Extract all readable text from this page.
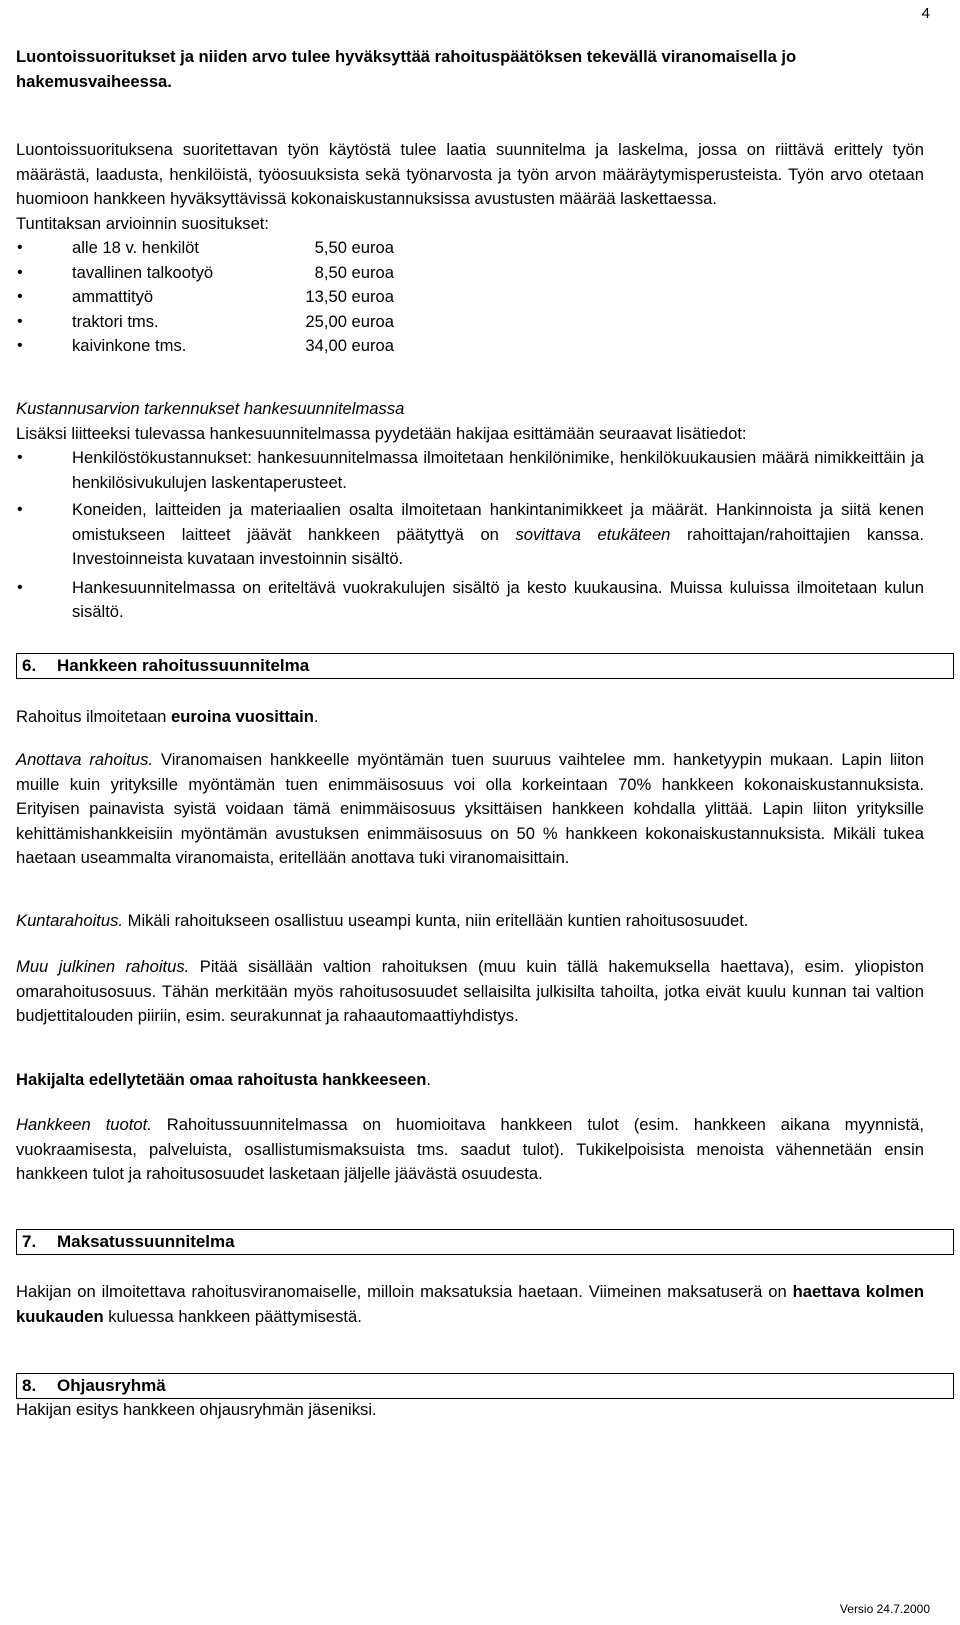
4

Luontoissuoritukset ja niiden arvo tulee hyväksyttää rahoituspäätöksen tekevällä viranomaisella jo hakemusvaiheessa.

Luontoissuorituksena suoritettavan työn käytöstä tulee laatia suunnitelma ja laskelma, jossa on riittävä erittely työn määrästä, laadusta, henkilöistä, työosuuksista sekä työnarvosta ja työn arvon määräytymisperusteista. Työn arvo otetaan huomioon hankkeen hyväksyttävissä kokonaiskustannuksissa avustusten määrää laskettaessa.

Tuntitaksan arvioinnin suositukset:

• alle 18 v. henkilöt	5,50 euroa
• tavallinen talkootyö	8,50 euroa
• ammattityö	13,50 euroa
• traktori tms.	25,00 euroa
• kaivinkone tms.	34,00 euroa

Kustannusarvion tarkennukset hankesuunnitelmassa

Lisäksi liitteeksi tulevassa hankesuunnitelmassa pyydetään hakijaa esittämään seuraavat lisätiedot:

• Henkilöstökustannukset: hankesuunnitelmassa ilmoitetaan henkilönimike, henkilökuukausien määrä nimikkeittäin ja henkilösivukulujen laskentaperusteet.
• Koneiden, laitteiden ja materiaalien osalta ilmoitetaan hankintanimikkeet ja määrät. Hankinnoista ja siitä kenen omistukseen laitteet jäävät hankkeen päätyttyä on sovittava etukäteen rahoittajan/rahoittajien kanssa. Investoinneista kuvataan investoinnin sisältö.
• Hankesuunnitelmassa on eriteltävä vuokrakulujen sisältö ja kesto kuukausina. Muissa kuluissa ilmoitetaan kulun sisältö.
6. Hankkeen rahoitussuunnitelma

Rahoitus ilmoitetaan euroina vuosittain.

Anottava rahoitus. Viranomaisen hankkeelle myöntämän tuen suuruus vaihtelee mm. hanketyypin mukaan. Lapin liiton muille kuin yrityksille myöntämän tuen enimmäisosuus voi olla korkeintaan 70% hankkeen kokonaiskustannuksista. Erityisen painavista syistä voidaan tämä enimmäisosuus yksittäisen hankkeen kohdalla ylittää. Lapin liiton yrityksille kehittämishankkeisiin myöntämän avustuksen enimmäisosuus on 50 % hankkeen kokonaiskustannuksista. Mikäli tukea haetaan useammalta viranomaista, eritellään anottava tuki viranomaisittain.

Kuntarahoitus. Mikäli rahoitukseen osallistuu useampi kunta, niin eritellään kuntien rahoitusosuudet.

Muu julkinen rahoitus. Pitää sisällään valtion rahoituksen (muu kuin tällä hakemuksella haettava), esim. yliopiston omarahoitusosuus. Tähän merkitään myös rahoitusosuudet sellaisilta julkisilta tahoilta, jotka eivät kuulu kunnan tai valtion budjettitalouden piiriin, esim. seurakunnat ja rahaautomaattiyhdistys.

Hakijalta edellytetään omaa rahoitusta hankkeeseen.

Hankkeen tuotot. Rahoitussuunnitelmassa on huomioitava hankkeen tulot (esim. hankkeen aikana myynnistä, vuokraamisesta, palveluista, osallistumismaksuista tms. saadut tulot). Tukikelpoisista menoista vähennetään ensin hankkeen tulot ja rahoitusosuudet lasketaan jäljelle jäävästä osuudesta.

7. Maksatussuunnitelma

Hakijan on ilmoitettava rahoitusviranomaiselle, milloin maksatuksia haetaan. Viimeinen maksatuserä on haettava kolmen kuukauden kuluessa hankkeen päättymisestä.

8. Ohjausryhmä

Hakijan esitys hankkeen ohjausryhmän jäseniksi.

Versio 24.7.2000
